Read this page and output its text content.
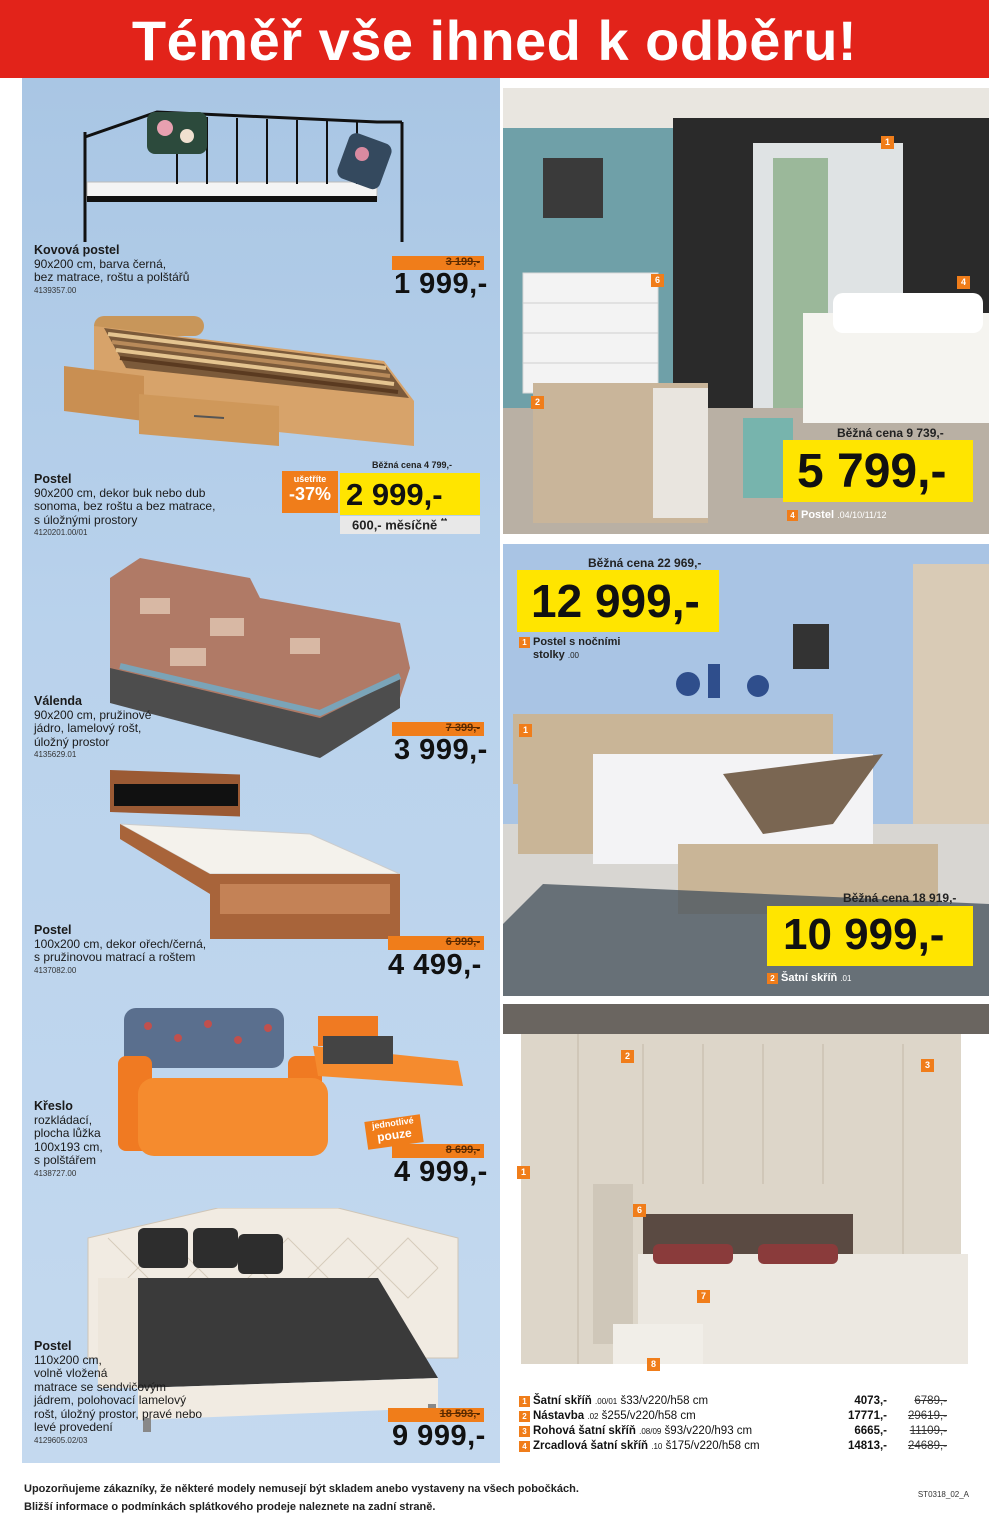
Téměř vše ihned k odběru!
Kovová postel
90x200 cm, barva černá,
bez matrace, roštu a polštářů
4139357.00
3 199,-
1 999,-
Postel
90x200 cm, dekor buk nebo dub
sonoma, bez roštu a bez matrace,
s úložnými prostory
4120201.00/01
Běžná cena 4 799,-
ušetříte
-37% 2 999,-
600,- měsíčně **
Válenda
90x200 cm, pružinové
jádro, lamelový rošt,
úložný prostor
4135629.01
7 399,-
3 999,-
Postel
100x200 cm, dekor ořech/černá,
s pružinovou matrací a roštem
4137082.00
6 999,-
4 499,-
Křeslo
rozkládací,
plocha lůžka
100x193 cm,
s polštářem
4138727.00
jednotlivé
pouze
8 699,-
4 999,-
Postel
110x200 cm,
volně vložená
matrace se sendvičovým
jádrem, polohovací lamelový
rošt, úložný prostor, pravé nebo
levé provedení
4129605.02/03
18 593,-
9 999,-
1
6	4
2
Běžná cena 9 739,-
5 799,-
4 Postel .04/10/11/12
Běžná cena 22 969,-
12 999,-
1 Postel s nočními
stolky .00
1
Běžná cena 18 919,-
10 999,-
2 Šatní skříň .01
2
3
1
6
7
8
1 Šatní skříň .00/01 š33/v220/h58 cm	4073,-	6789,-
2 Nástavba .02 š255/v220/h58 cm	17771,-	29619,-
3 Rohová šatní skříň .08/09 š93/v220/h93 cm	6665,-	11109,-
4 Zrcadlová šatní skříň .10 š175/v220/h58 cm	14813,-	24689,-
Upozorňujeme zákazníky, že některé modely nemusejí být skladem anebo vystaveny na všech pobočkách.
Bližší informace o podmínkách splátkového prodeje naleznete na zadní straně.
ST0318_02_A
